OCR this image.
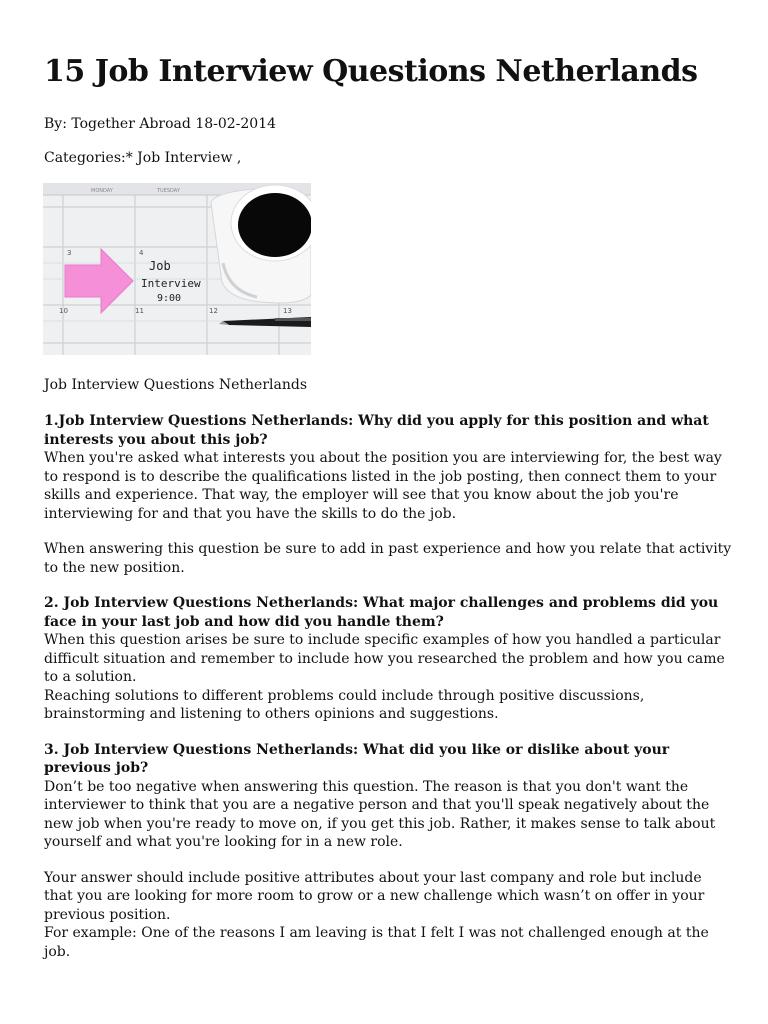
15 Job Interview Questions Netherlands

By: Together Abroad 18-02-2014

Categories:* Job Interview ,

MONDAY	TUESDAY
3	4
10	11	12	13
Job
Interview
9:00

Job Interview Questions Netherlands

1.Job Interview Questions Netherlands: Why did you apply for this position and what interests you about this job?
When you're asked what interests you about the position you are interviewing for, the best way to respond is to describe the qualifications listed in the job posting, then connect them to your skills and experience. That way, the employer will see that you know about the job you're interviewing for and that you have the skills to do the job.

When answering this question be sure to add in past experience and how you relate that activity to the new position.

2. Job Interview Questions Netherlands: What major challenges and problems did you face in your last job and how did you handle them?
When this question arises be sure to include specific examples of how you handled a particular difficult situation and remember to include how you researched the problem and how you came to a solution.
Reaching solutions to different problems could include through positive discussions, brainstorming and listening to others opinions and suggestions.

3. Job Interview Questions Netherlands: What did you like or dislike about your previous job?
Don’t be too negative when answering this question. The reason is that you don't want the interviewer to think that you are a negative person and that you'll speak negatively about the new job when you're ready to move on, if you get this job. Rather, it makes sense to talk about yourself and what you're looking for in a new role.

Your answer should include positive attributes about your last company and role but include that you are looking for more room to grow or a new challenge which wasn’t on offer in your previous position.
For example: One of the reasons I am leaving is that I felt I was not challenged enough at the job.
